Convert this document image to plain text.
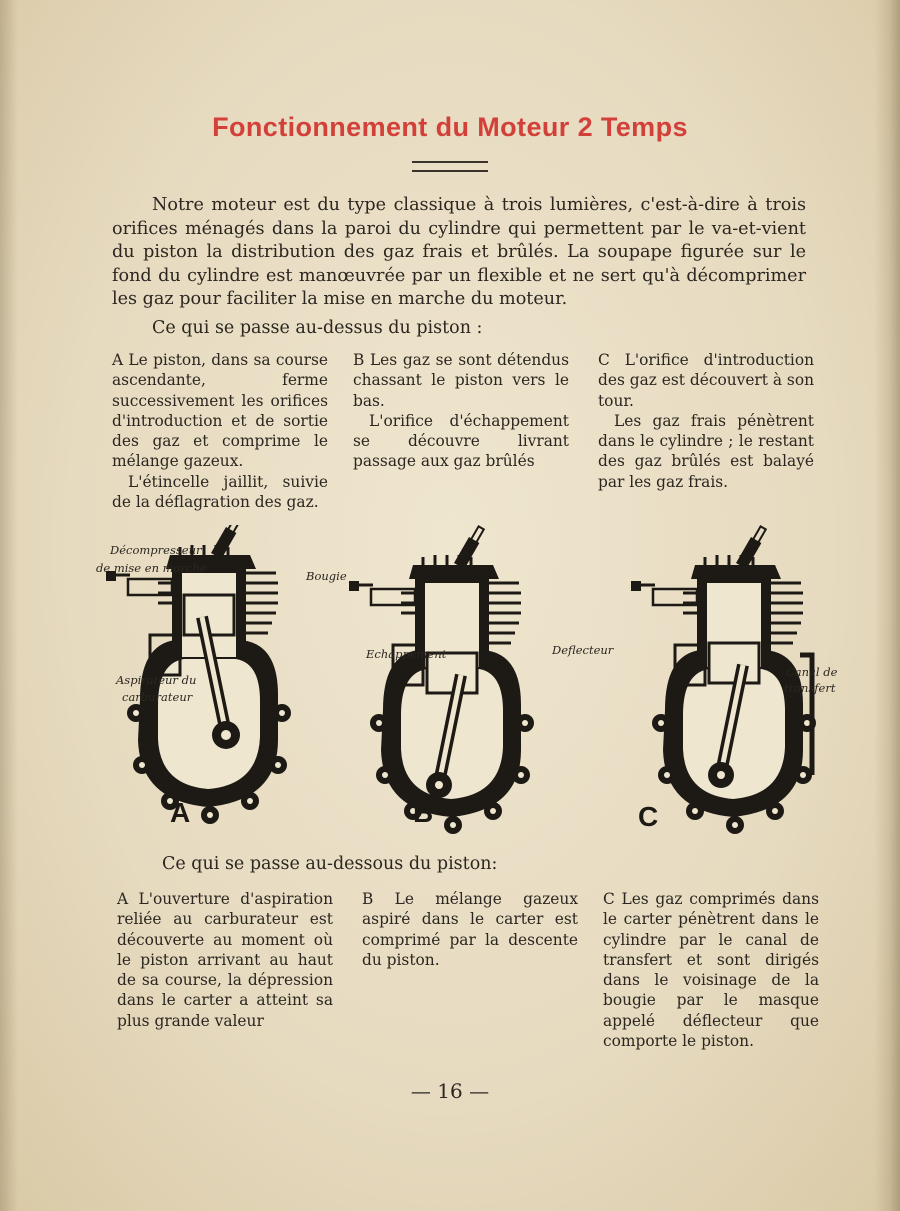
Fonctionnement du Moteur 2 Temps

Notre moteur est du type classique à trois lumières, c'est-à-dire à trois orifices ménagés dans la paroi du cylindre qui permettent par le va-et-vient du piston la distribution des gaz frais et brûlés. La soupape figurée sur le fond du cylindre est manœuvrée par un flexible et ne sert qu'à décomprimer les gaz pour faciliter la mise en marche du moteur.

Ce qui se passe au-dessus du piston :

A Le piston, dans sa course ascendante, ferme successivement les orifices d'introduction et de sortie des gaz et comprime le mélange gazeux.

L'étincelle jaillit, suivie de la déflagration des gaz.

B Les gaz se sont détendus chassant le piston vers le bas.

L'orifice d'échappement se découvre livrant passage aux gaz brûlés

C L'orifice d'introduction des gaz est découvert à son tour.

Les gaz frais pénètrent dans le cylindre ; le restant des gaz brûlés est balayé par les gaz frais.

Décompresseur
de mise en marche
Bougie
Aspirateur du
carburateur
Echappement	Deflecteur
Canal de
transfert
A	B	C

Ce qui se passe au-dessous du piston:

A L'ouverture d'aspiration reliée au carburateur est découverte au moment où le piston arrivant au haut de sa course, la dépression dans le carter a atteint sa plus grande valeur

B Le mélange gazeux aspiré dans le carter est comprimé par la descente du piston.

C Les gaz comprimés dans le carter pénètrent dans le cylindre par le canal de transfert et sont dirigés dans le voisinage de la bougie par le masque appelé déflecteur que comporte le piston.

— 16 —
